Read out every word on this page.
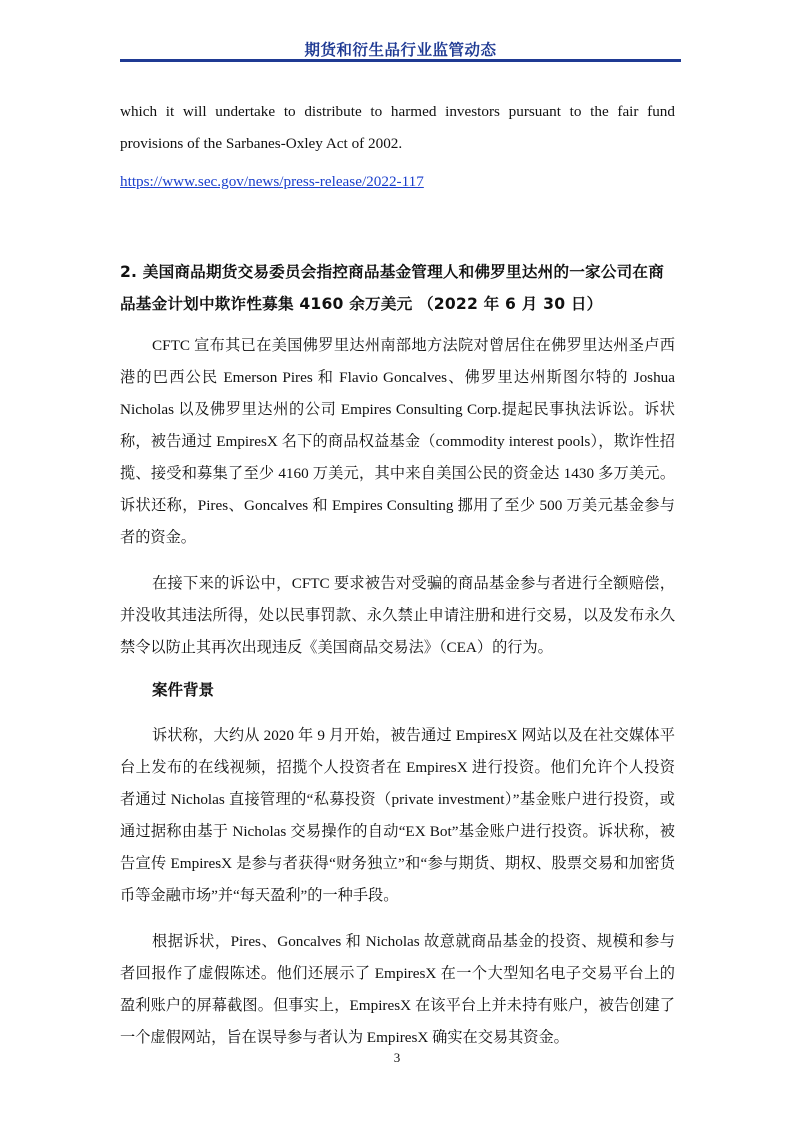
期货和衍生品行业监管动态

which it will undertake to distribute to harmed investors pursuant to the fair fund provisions of the Sarbanes-Oxley Act of 2002.

https://www.sec.gov/news/press-release/2022-117

2. 美国商品期货交易委员会指控商品基金管理人和佛罗里达州的一家公司在商品基金计划中欺诈性募集 4160 余万美元 （2022 年 6 月 30 日）

CFTC 宣布其已在美国佛罗里达州南部地方法院对曾居住在佛罗里达州圣卢西港的巴西公民 Emerson Pires 和 Flavio Goncalves、佛罗里达州斯图尔特的 Joshua Nicholas 以及佛罗里达州的公司 Empires Consulting Corp.提起民事执法诉讼。诉状称，被告通过 EmpiresX 名下的商品权益基金（commodity interest pools），欺诈性招揽、接受和募集了至少 4160 万美元，其中来自美国公民的资金达 1430 多万美元。诉状还称，Pires、Goncalves 和 Empires Consulting 挪用了至少 500 万美元基金参与者的资金。

在接下来的诉讼中，CFTC 要求被告对受骗的商品基金参与者进行全额赔偿，并没收其违法所得，处以民事罚款、永久禁止申请注册和进行交易，以及发布永久禁令以防止其再次出现违反《美国商品交易法》（CEA）的行为。

案件背景

诉状称，大约从 2020 年 9 月开始，被告通过 EmpiresX 网站以及在社交媒体平台上发布的在线视频，招揽个人投资者在 EmpiresX 进行投资。他们允许个人投资者通过 Nicholas 直接管理的“私募投资（private investment）”基金账户进行投资，或通过据称由基于 Nicholas 交易操作的自动“EX Bot”基金账户进行投资。诉状称，被告宣传 EmpiresX 是参与者获得“财务独立”和“参与期货、期权、股票交易和加密货币等金融市场”并“每天盈利”的一种手段。

根据诉状，Pires、Goncalves 和 Nicholas 故意就商品基金的投资、规模和参与者回报作了虚假陈述。他们还展示了 EmpiresX 在一个大型知名电子交易平台上的盈利账户的屏幕截图。但事实上，EmpiresX 在该平台上并未持有账户，被告创建了一个虚假网站，旨在误导参与者认为 EmpiresX 确实在交易其资金。

3
